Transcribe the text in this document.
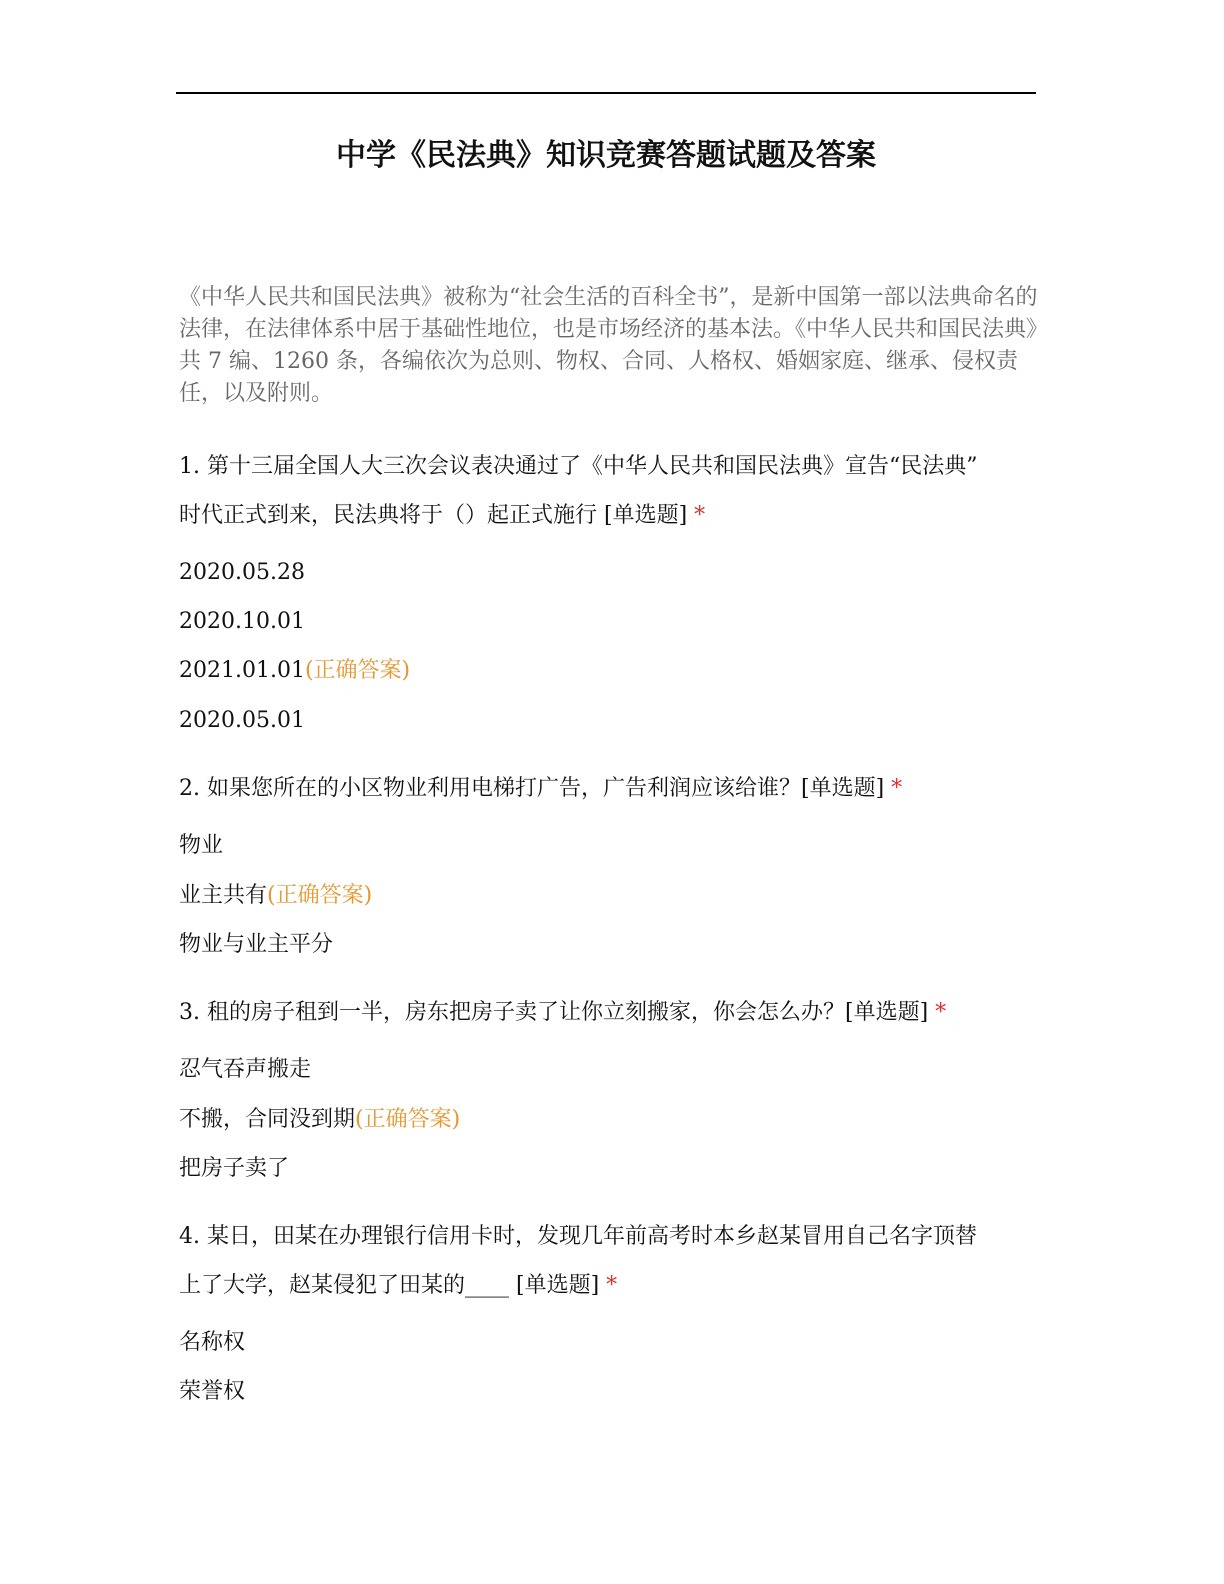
中学《民法典》知识竞赛答题试题及答案

《中华人民共和国民法典》被称为“社会生活的百科全书”，是新中国第一部以法典命名的法律，在法律体系中居于基础性地位，也是市场经济的基本法。《中华人民共和国民法典》共 7 编、1260 条，各编依次为总则、物权、合同、人格权、婚姻家庭、继承、侵权责任，以及附则。

1. 第十三届全国人大三次会议表决通过了《中华人民共和国民法典》宣告“民法典”
时代正式到来，民法典将于（）起正式施行 [单选题] *
2020.05.28
2020.10.01
2021.01.01(正确答案)
2020.05.01
2. 如果您所在的小区物业利用电梯打广告，广告利润应该给谁？[单选题] *
物业
业主共有(正确答案)
物业与业主平分
3. 租的房子租到一半，房东把房子卖了让你立刻搬家，你会怎么办？[单选题] *
忍气吞声搬走
不搬，合同没到期(正确答案)
把房子卖了
4. 某日，田某在办理银行信用卡时，发现几年前高考时本乡赵某冒用自己名字顶替
上了大学，赵某侵犯了田某的____ [单选题] *
名称权
荣誉权
